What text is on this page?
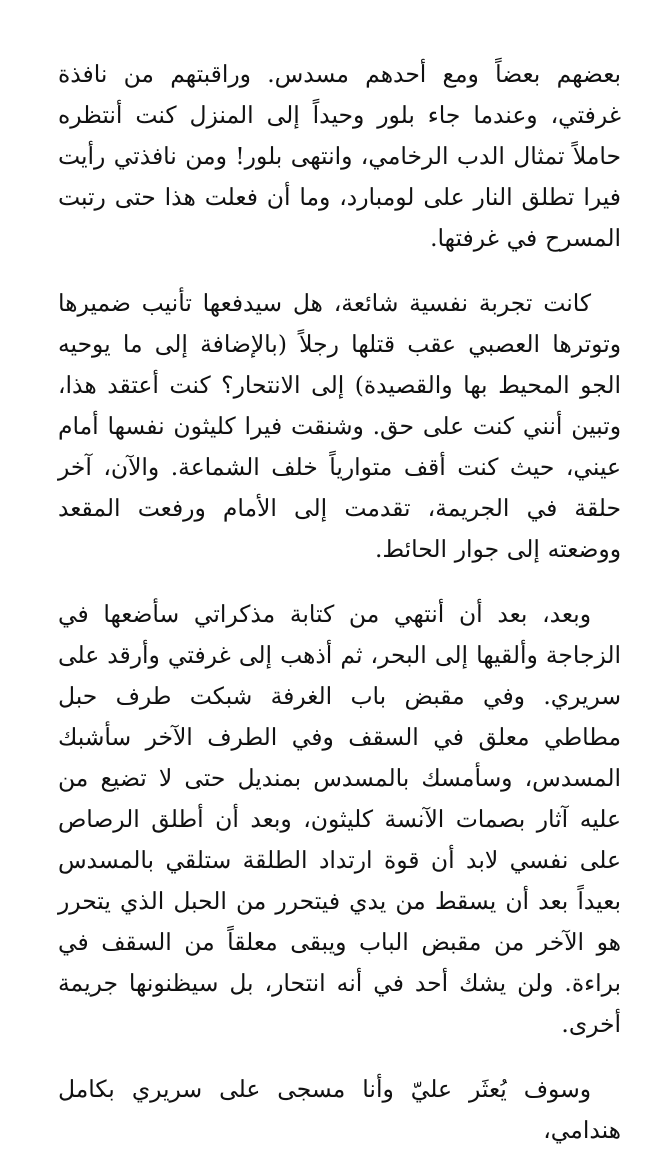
بعضهم بعضاً ومع أحدهم مسدس. وراقبتهم من نافذة غرفتي، وعندما جاء بلور وحيداً إلى المنزل كنت أنتظره حاملاً تمثال الدب الرخامي، وانتهى بلور! ومن نافذتي رأيت فيرا تطلق النار على لومبارد، وما أن فعلت هذا حتى رتبت المسرح في غرفتها.

كانت تجربة نفسية شائعة، هل سيدفعها تأنيب ضميرها وتوترها العصبي عقب قتلها رجلاً (بالإضافة إلى ما يوحيه الجو المحيط بها والقصيدة) إلى الانتحار؟ كنت أعتقد هذا، وتبين أنني كنت على حق. وشنقت فيرا كليثون نفسها أمام عيني، حيث كنت أقف متوارياً خلف الشماعة. والآن، آخر حلقة في الجريمة، تقدمت إلى الأمام ورفعت المقعد ووضعته إلى جوار الحائط.

وبعد، بعد أن أنتهي من كتابة مذكراتي سأضعها في الزجاجة وألقيها إلى البحر، ثم أذهب إلى غرفتي وأرقد على سريري. وفي مقبض باب الغرفة شبكت طرف حبل مطاطي معلق في السقف وفي الطرف الآخر سأشبك المسدس، وسأمسك بالمسدس بمنديل حتى لا تضيع من عليه آثار بصمات الآنسة كليثون، وبعد أن أطلق الرصاص على نفسي لابد أن قوة ارتداد الطلقة ستلقي بالمسدس بعيداً بعد أن يسقط من يدي فيتحرر من الحبل الذي يتحرر هو الآخر من مقبض الباب ويبقى معلقاً من السقف في براءة. ولن يشك أحد في أنه انتحار، بل سيظنونها جريمة أخرى.

وسوف يُعثَر عليّ وأنا مسجى على سريري بكامل هندامي،
